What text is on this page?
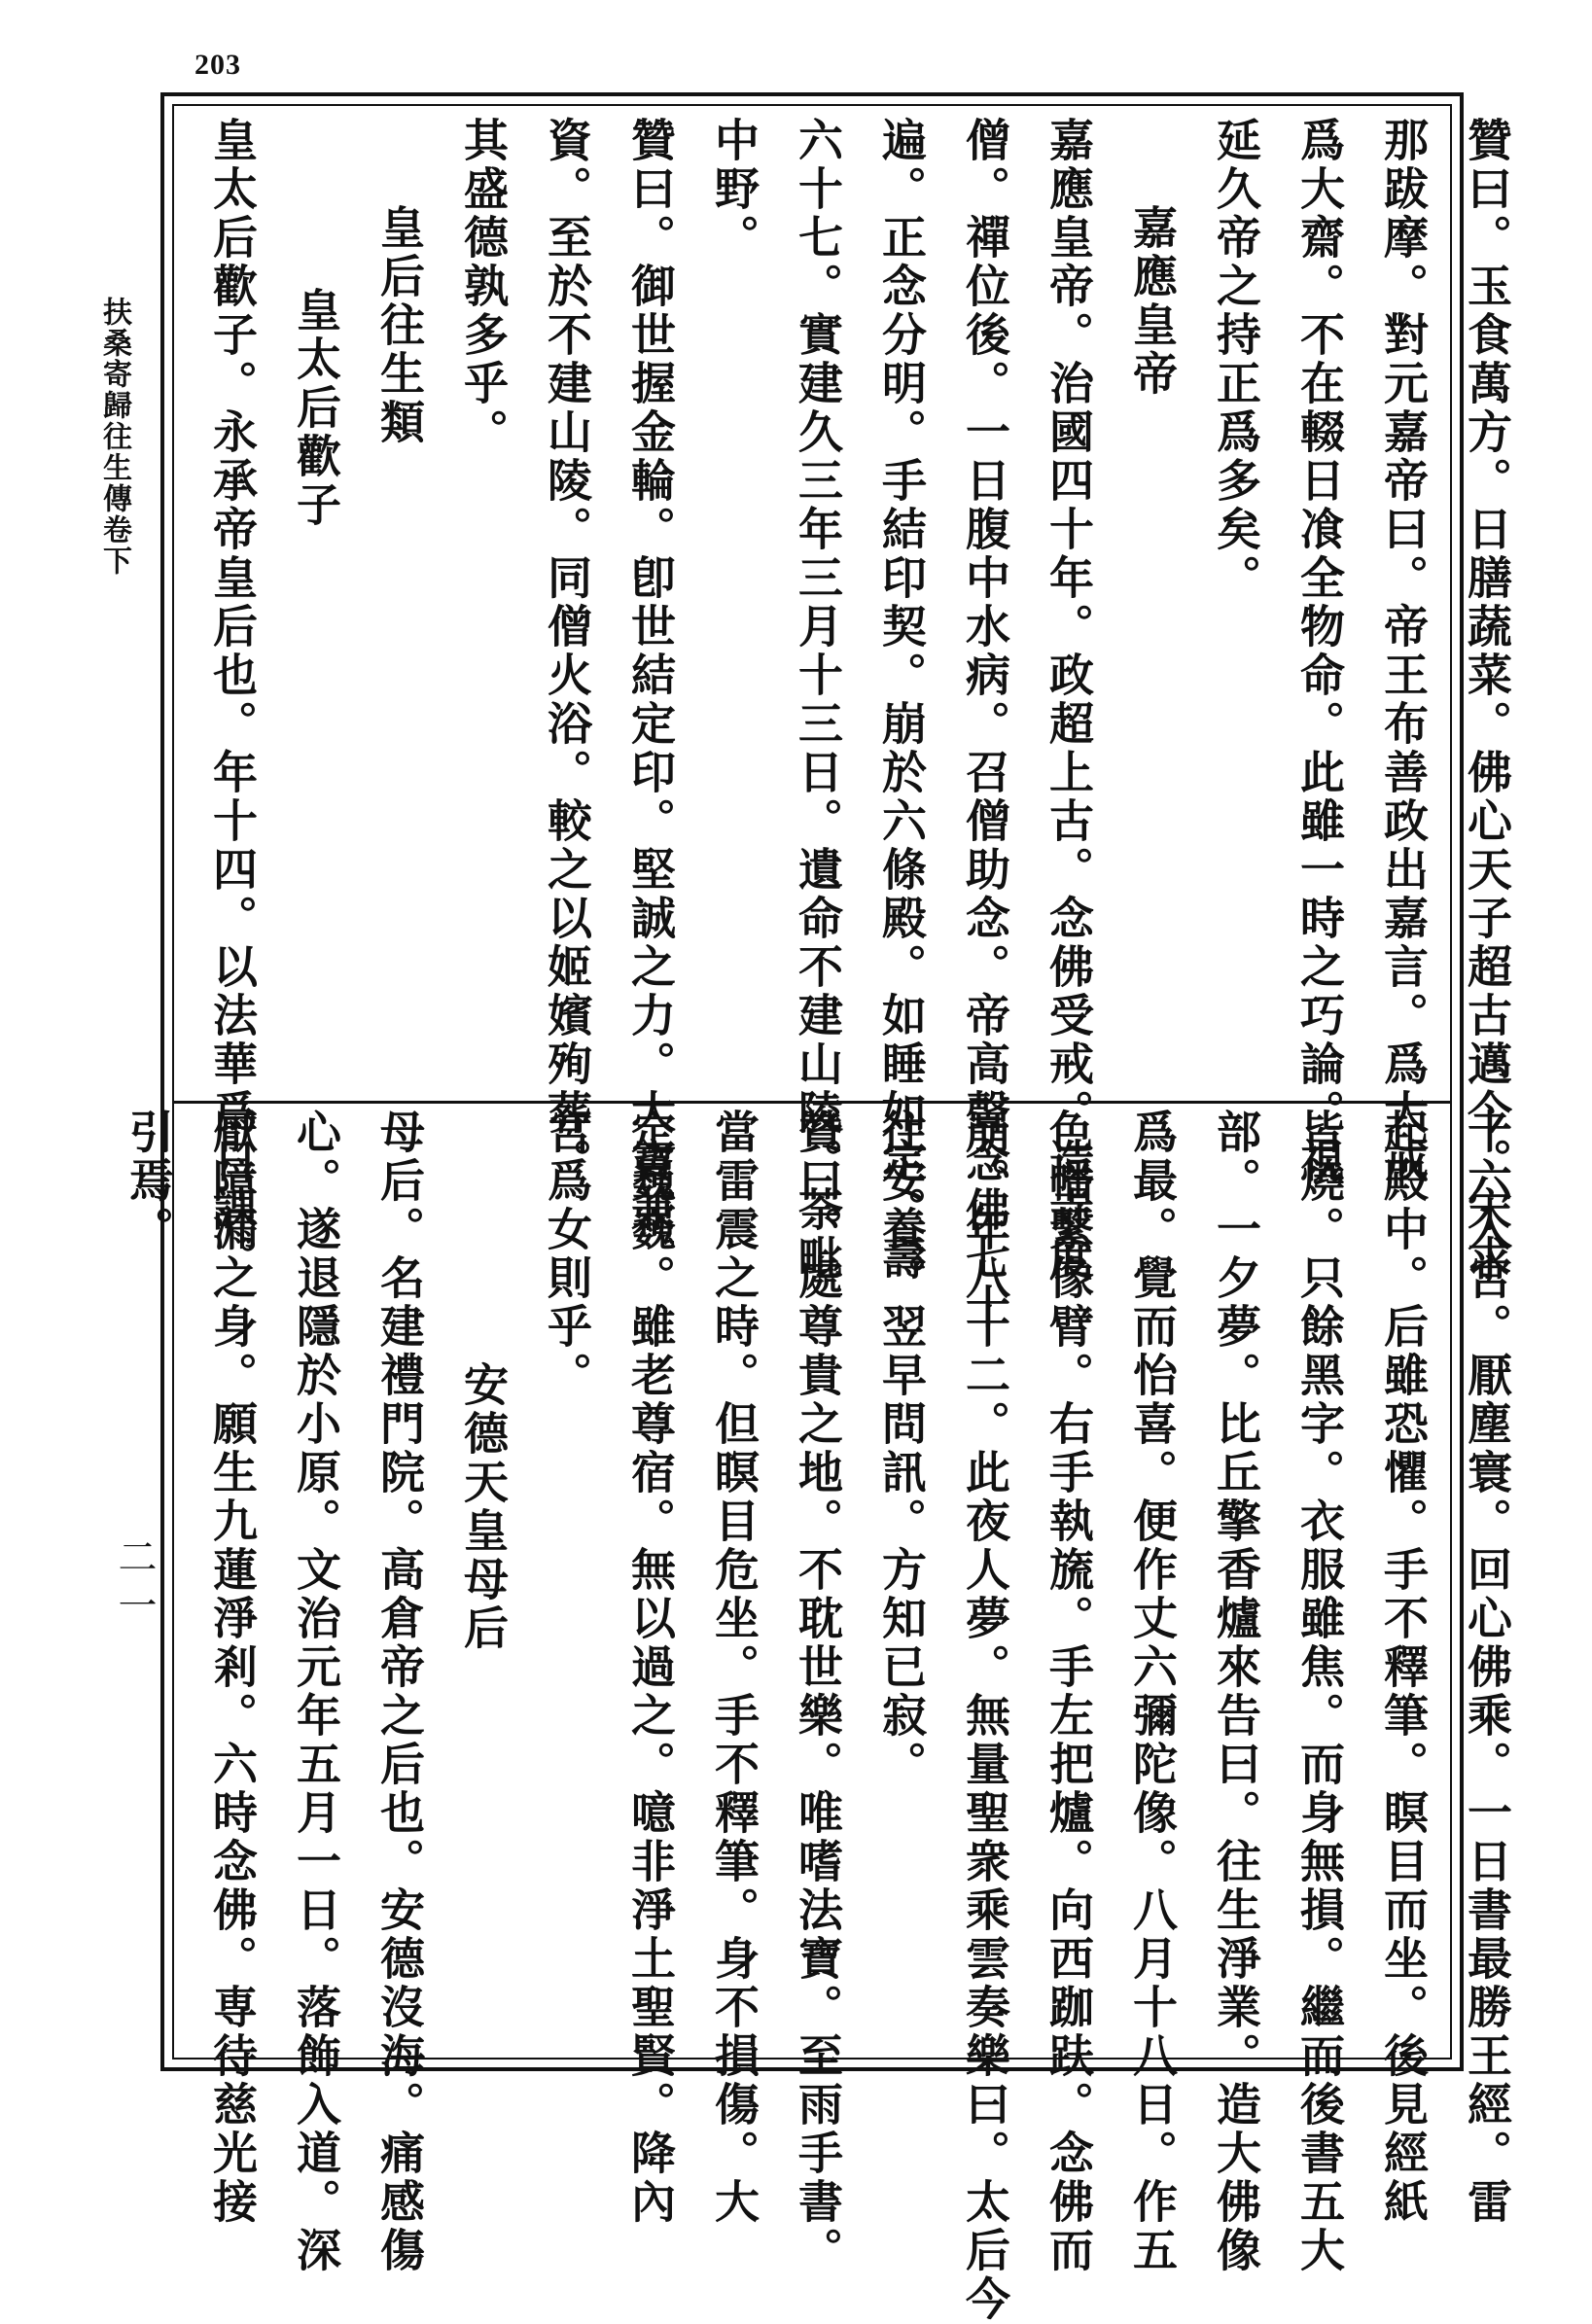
203
扶桑寄歸往生傳卷下
二一
贊曰。玉食萬方。日膳蔬菜。佛心天子超古邁今。宋求
那跋摩。對元嘉帝曰。帝王布善政出嘉言。爲大戒
爲大齋。不在輟日飡全物命。此雖一時之巧論。視
延久帝之持正爲多矣。
嘉應皇帝
嘉應皇帝。治國四十年。政超上古。念佛受戒。造寺度
僧。禪位後。一日腹中水病。召僧助念。帝高聲念佛七十
遍。正念分明。手結印契。崩於六條殿。如睡如定。壽
六十七。實建久三年三月十三日。遺命不建山陵。荼毗
中野。
贊曰。御世握金輪。卽世結定印。堅誠之力。大寶兼
資。至於不建山陵。同僧火浴。較之以姬嬪殉葬。
其盛德孰多乎。
皇后往生類
皇太后歡子
皇太后歡子。永承帝皇后也。年十四。以法華爲日課。
十六入宮。厭塵寰。回心佛乘。一日書最勝王經。雷
起殿中。后雖恐懼。手不釋筆。瞑目而坐。後見經紙
皆燒。只餘黑字。衣服雖焦。而身無損。繼而後書五大
部。一夕夢。比丘擎香爐來告曰。往生淨業。造大佛像
爲最。覺而怡喜。便作丈六彌陀像。八月十八日。作五
色幡繫像臂。右手執旒。手左把爐。向西跏趺。念佛而
崩。年八十二。此夜人夢。無量聖衆乘雲奏樂曰。太后今
往安養。翌早問訊。方知已寂。
贊曰。處尊貴之地。不耽世樂。唯嗜法寶。至雨手書。
當雷震之時。但瞑目危坐。手不釋筆。身不損傷。大
定巍巍。雖老尊宿。無以過之。噫非淨土聖賢。降內
宮爲女則乎。
安德天皇母后
母后。名建禮門院。高倉帝之后也。安德沒海。痛感傷
心。遂退隱於小原。文治元年五月一日。落飾入道。深
厭障漏之身。願生九蓮淨剎。六時念佛。専待慈光接
引焉。
